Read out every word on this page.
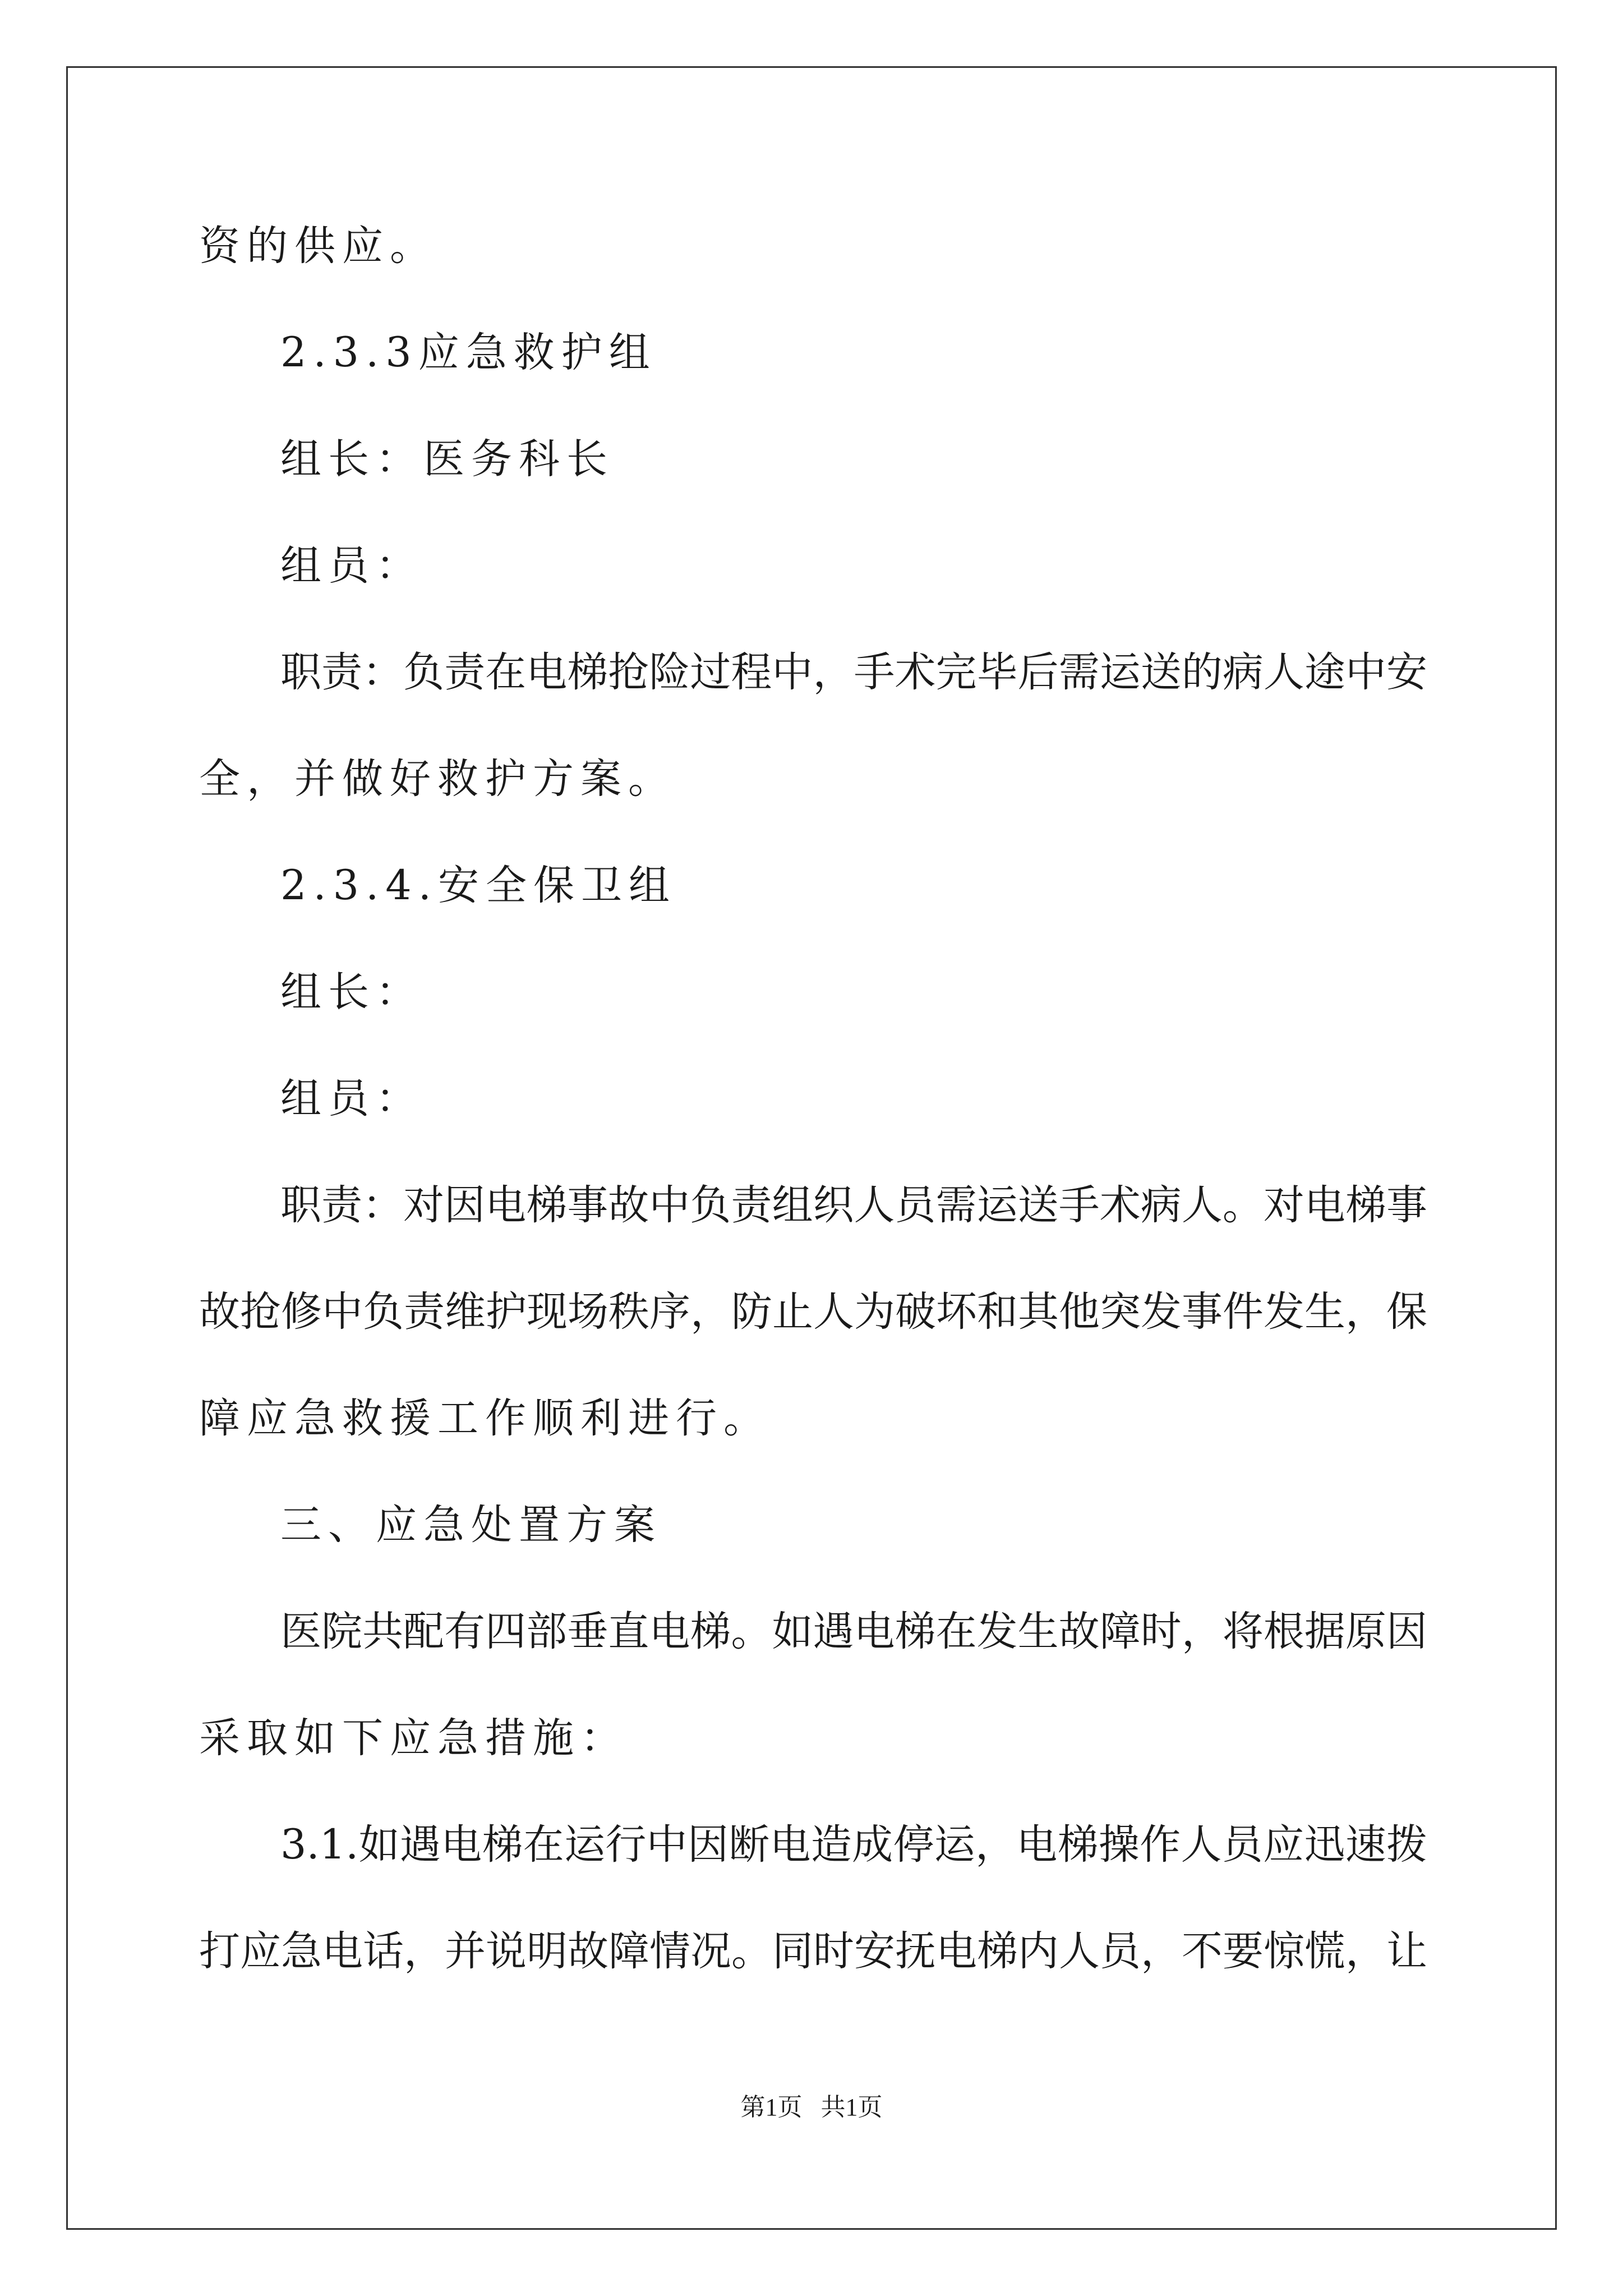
资的供应。
2.3.3应急救护组
组长：医务科长
组员：
职责：负责在电梯抢险过程中，手术完毕后需运送的病人途中安
全，并做好救护方案。
2.3.4.安全保卫组
组长：
组员：
职责：对因电梯事故中负责组织人员需运送手术病人。对电梯事
故抢修中负责维护现场秩序，防止人为破坏和其他突发事件发生，保
障应急救援工作顺利进行。
三、应急处置方案
医院共配有四部垂直电梯。如遇电梯在发生故障时，将根据原因
采取如下应急措施：
3.1.如遇电梯在运行中因断电造成停运，电梯操作人员应迅速拨
打应急电话，并说明故障情况。同时安抚电梯内人员，不要惊慌，让
第1页   共1页
